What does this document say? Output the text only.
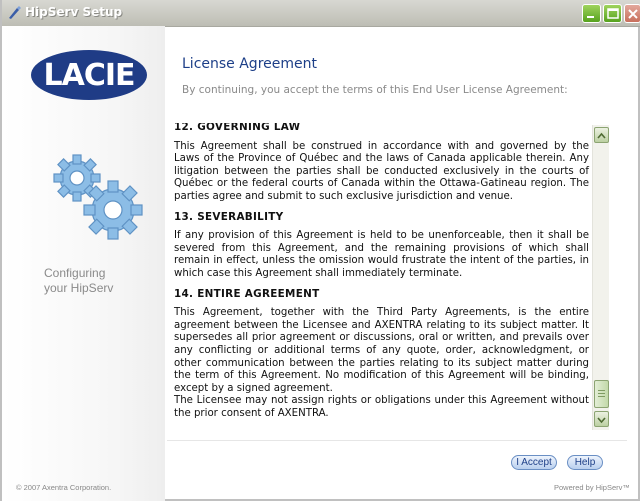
HipServ Setup
LACIE
Configuring
your HipServ
License Agreement
By continuing, you accept the terms of this End User License Agreement:
12. GOVERNING LAW

This Agreement shall be construed in accordance with and governed by the Laws of the Province of Québec and the laws of Canada applicable therein. Any litigation between the parties shall be conducted exclusively in the courts of Québec or the federal courts of Canada within the Ottawa-Gatineau region. The parties agree and submit to such exclusive jurisdiction and venue.

13. SEVERABILITY

If any provision of this Agreement is held to be unenforceable, then it shall be severed from this Agreement, and the remaining provisions of which shall remain in effect, unless the omission would frustrate the intent of the parties, in which case this Agreement shall immediately terminate.

14. ENTIRE AGREEMENT

This Agreement, together with the Third Party Agreements, is the entire agreement between the Licensee and AXENTRA relating to its subject matter. It supersedes all prior agreement or discussions, oral or written, and prevails over any conflicting or additional terms of any quote, order, acknowledgment, or other communication between the parties relating to its subject matter during the term of this Agreement. No modification of this Agreement will be binding, except by a signed agreement.

The Licensee may not assign rights or obligations under this Agreement without the prior consent of AXENTRA.

I Accept	Help
© 2007 Axentra Corporation.	Powered by HipServ™
